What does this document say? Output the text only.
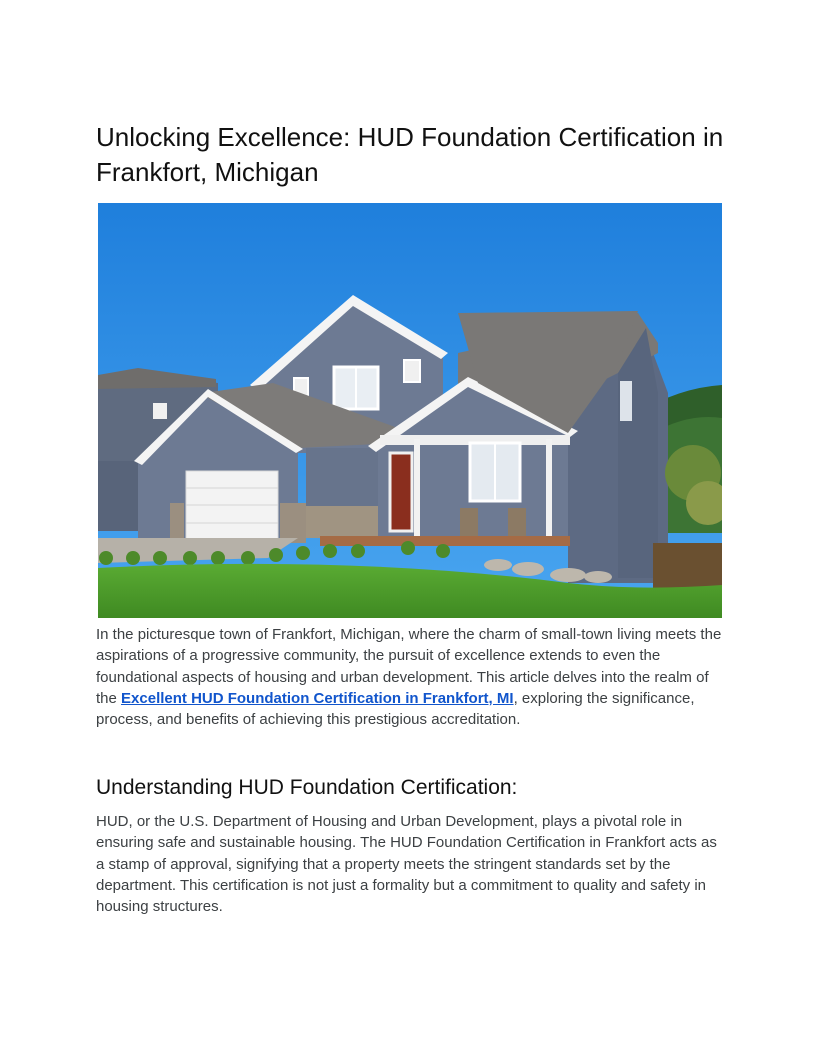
Unlocking Excellence: HUD Foundation Certification in Frankfort, Michigan

In the picturesque town of Frankfort, Michigan, where the charm of small-town living meets the aspirations of a progressive community, the pursuit of excellence extends to even the foundational aspects of housing and urban development. This article delves into the realm of the Excellent HUD Foundation Certification in Frankfort, MI, exploring the significance, process, and benefits of achieving this prestigious accreditation.

Understanding HUD Foundation Certification:

HUD, or the U.S. Department of Housing and Urban Development, plays a pivotal role in ensuring safe and sustainable housing. The HUD Foundation Certification in Frankfort acts as a stamp of approval, signifying that a property meets the stringent standards set by the department. This certification is not just a formality but a commitment to quality and safety in housing structures.
